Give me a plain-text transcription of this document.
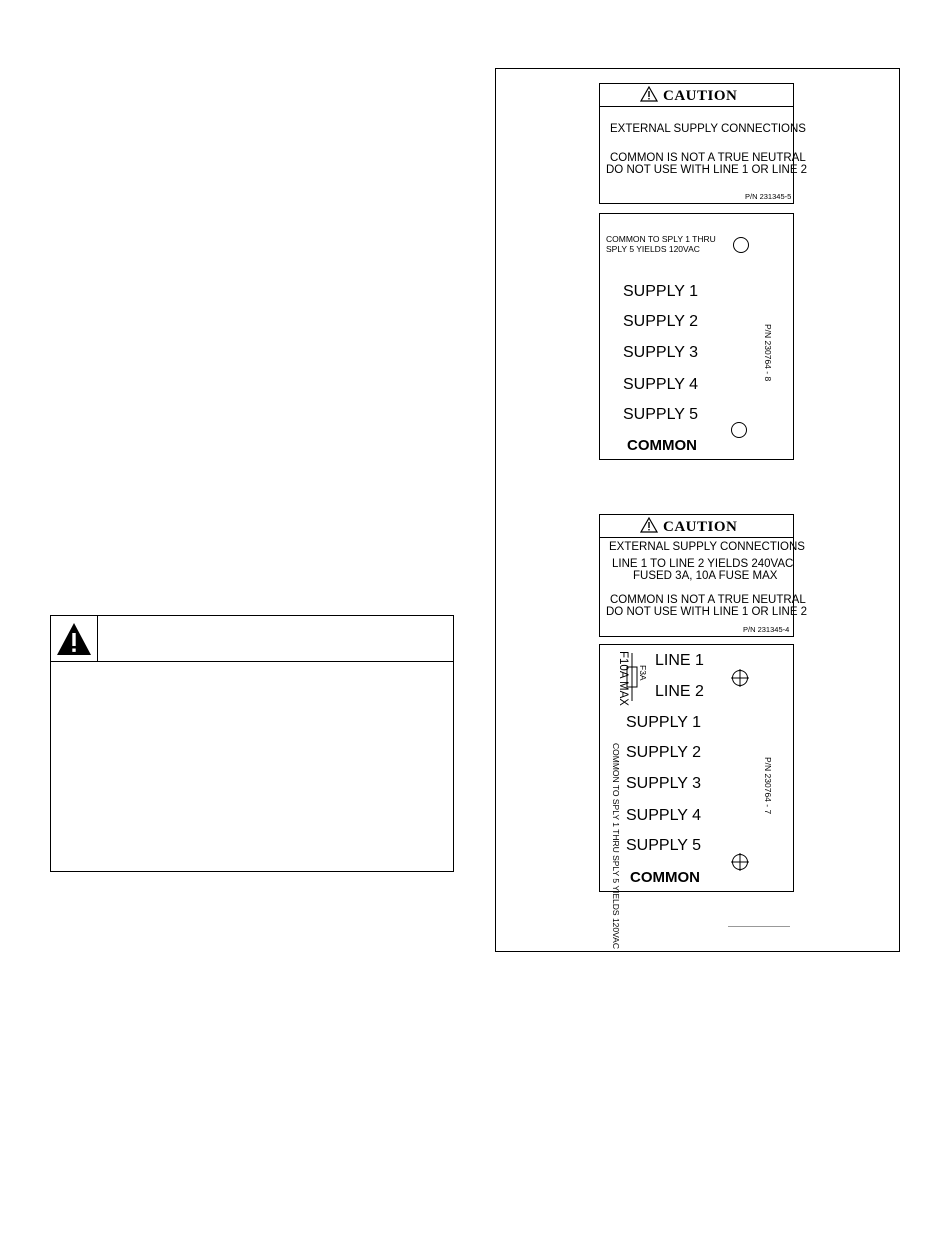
CAUTION
EXTERNAL SUPPLY CONNECTIONS
COMMON IS NOT A TRUE NEUTRAL
DO NOT USE WITH LINE 1 OR LINE 2
P/N 231345-5
COMMON TO SPLY 1 THRU
SPLY 5 YIELDS 120VAC
SUPPLY 1
SUPPLY 2
SUPPLY 3
SUPPLY 4
SUPPLY 5
COMMON
P/N 230764 - 8
CAUTION
EXTERNAL SUPPLY CONNECTIONS
LINE 1 TO LINE 2 YIELDS 240VAC
FUSED 3A, 10A FUSE MAX
COMMON IS NOT A TRUE NEUTRAL
DO NOT USE WITH LINE 1 OR LINE 2
P/N 231345-4
F10A MAX F3A
LINE 1
LINE 2
COMMON TO SPLY 1 THRU SPLY 5 YIELDS 120VAC
SUPPLY 1
SUPPLY 2
SUPPLY 3
SUPPLY 4
SUPPLY 5
COMMON
P/N 230764 - 7
